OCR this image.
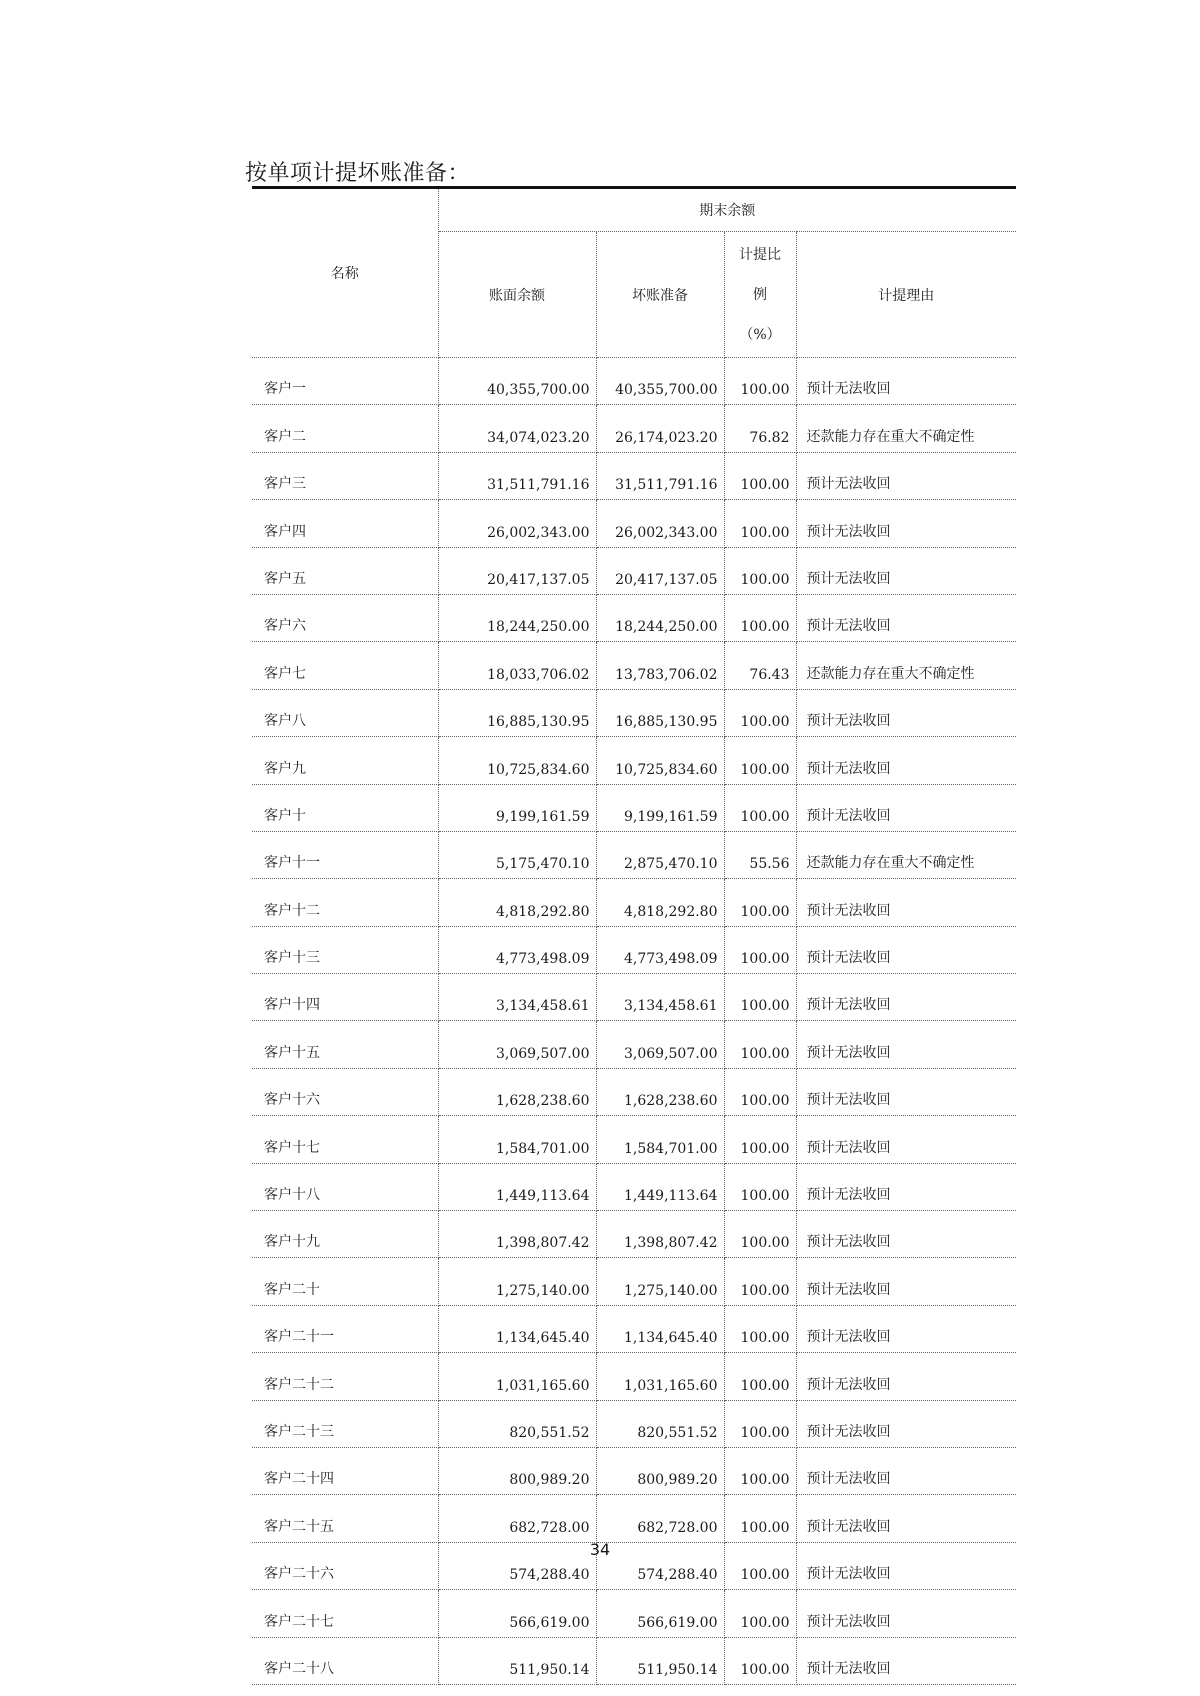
按单项计提坏账准备：
名称	期末余额			
	账面余额	坏账准备	计提比
例
（%）	计提理由
客户一	40,355,700.00	40,355,700.00	100.00	预计无法收回
客户二	34,074,023.20	26,174,023.20	76.82	还款能力存在重大不确定性
客户三	31,511,791.16	31,511,791.16	100.00	预计无法收回
客户四	26,002,343.00	26,002,343.00	100.00	预计无法收回
客户五	20,417,137.05	20,417,137.05	100.00	预计无法收回
客户六	18,244,250.00	18,244,250.00	100.00	预计无法收回
客户七	18,033,706.02	13,783,706.02	76.43	还款能力存在重大不确定性
客户八	16,885,130.95	16,885,130.95	100.00	预计无法收回
客户九	10,725,834.60	10,725,834.60	100.00	预计无法收回
客户十	9,199,161.59	9,199,161.59	100.00	预计无法收回
客户十一	5,175,470.10	2,875,470.10	55.56	还款能力存在重大不确定性
客户十二	4,818,292.80	4,818,292.80	100.00	预计无法收回
客户十三	4,773,498.09	4,773,498.09	100.00	预计无法收回
客户十四	3,134,458.61	3,134,458.61	100.00	预计无法收回
客户十五	3,069,507.00	3,069,507.00	100.00	预计无法收回
客户十六	1,628,238.60	1,628,238.60	100.00	预计无法收回
客户十七	1,584,701.00	1,584,701.00	100.00	预计无法收回
客户十八	1,449,113.64	1,449,113.64	100.00	预计无法收回
客户十九	1,398,807.42	1,398,807.42	100.00	预计无法收回
客户二十	1,275,140.00	1,275,140.00	100.00	预计无法收回
客户二十一	1,134,645.40	1,134,645.40	100.00	预计无法收回
客户二十二	1,031,165.60	1,031,165.60	100.00	预计无法收回
客户二十三	820,551.52	820,551.52	100.00	预计无法收回
客户二十四	800,989.20	800,989.20	100.00	预计无法收回
客户二十五	682,728.00	682,728.00	100.00	预计无法收回
客户二十六	574,288.40	574,288.40	100.00	预计无法收回
客户二十七	566,619.00	566,619.00	100.00	预计无法收回
客户二十八	511,950.14	511,950.14	100.00	预计无法收回
34
